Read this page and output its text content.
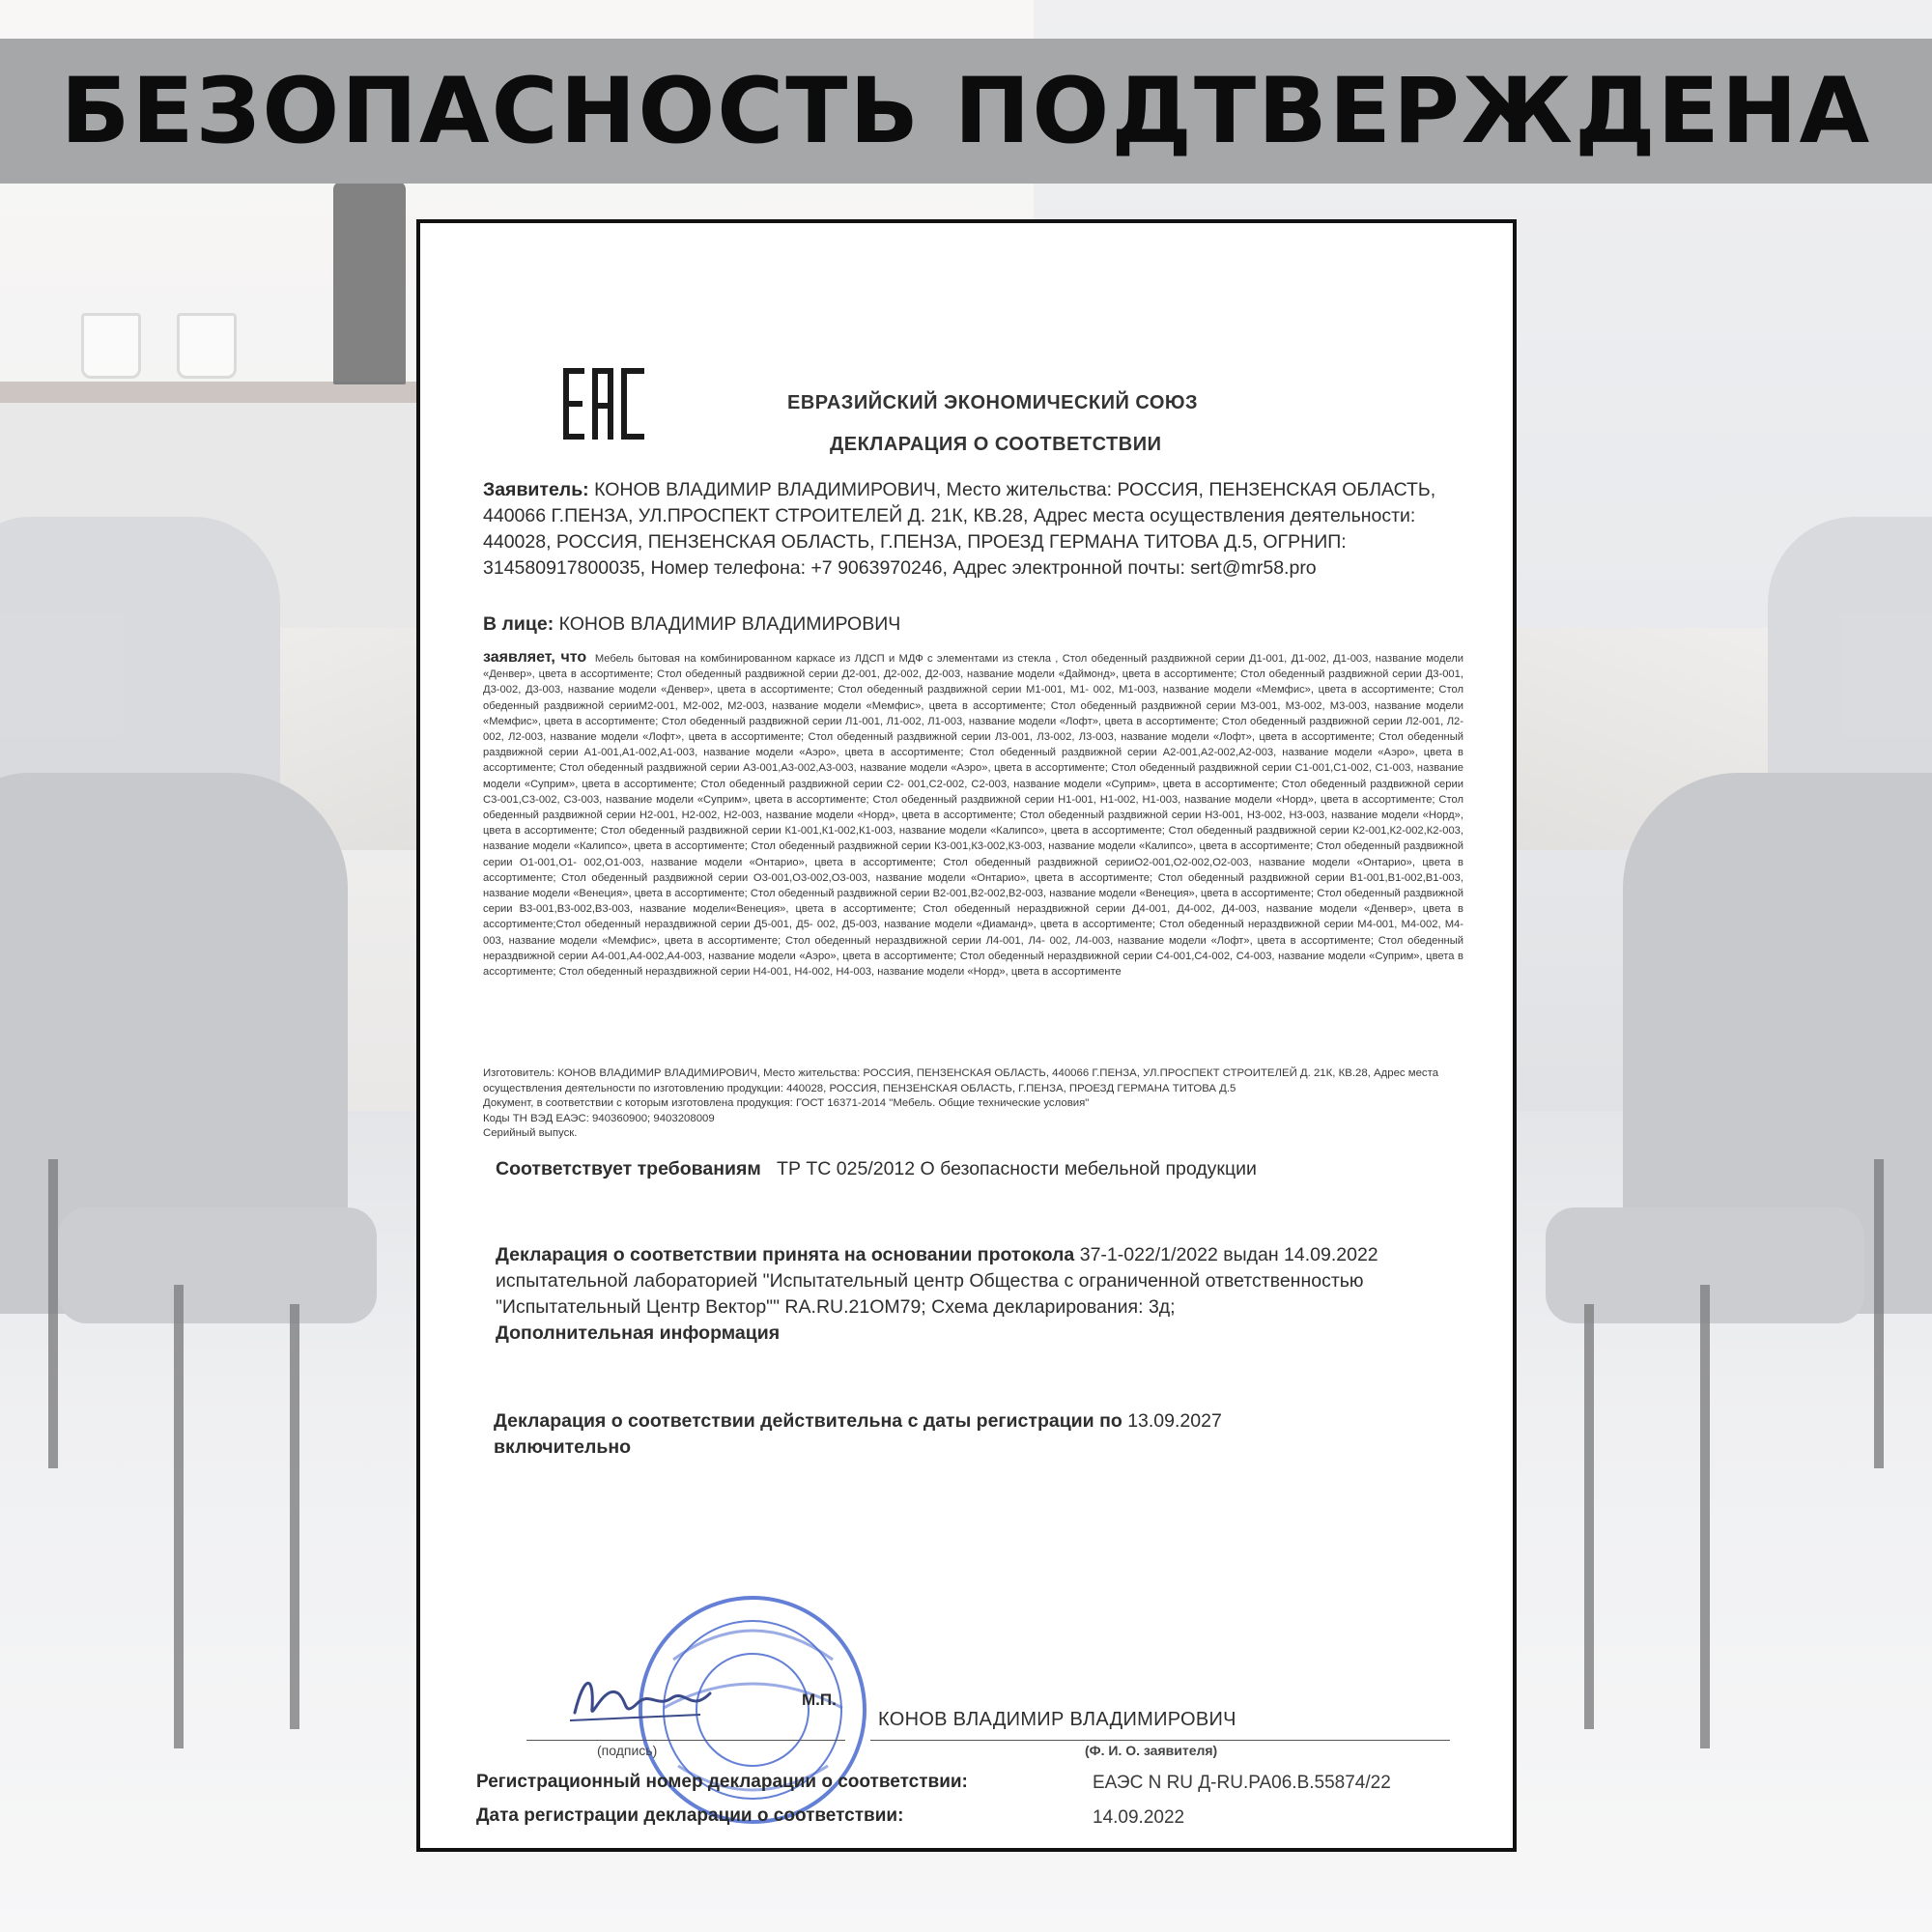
БЕЗОПАСНОСТЬ ПОДТВЕРЖДЕНА
ЕВРАЗИЙСКИЙ ЭКОНОМИЧЕСКИЙ СОЮЗ
ДЕКЛАРАЦИЯ О СООТВЕТСТВИИ
Заявитель: КОНОВ ВЛАДИМИР ВЛАДИМИРОВИЧ, Место жительства: РОССИЯ, ПЕНЗЕНСКАЯ ОБЛАСТЬ, 440066 Г.ПЕНЗА, УЛ.ПРОСПЕКТ СТРОИТЕЛЕЙ Д. 21К, КВ.28, Адрес места осуществления деятельности: 440028, РОССИЯ, ПЕНЗЕНСКАЯ ОБЛАСТЬ, Г.ПЕНЗА, ПРОЕЗД ГЕРМАНА ТИТОВА Д.5, ОГРНИП: 314580917800035, Номер телефона: +7 9063970246, Адрес электронной почты: sert@mr58.pro
В лице: КОНОВ ВЛАДИМИР ВЛАДИМИРОВИЧ
заявляет, что Мебель бытовая на комбинированном каркасе из ЛДСП и МДФ с элементами из стекла , Стол обеденный раздвижной серии Д1-001, Д1-002, Д1-003, название модели «Денвер», цвета в ассортименте; Стол обеденный раздвижной серии Д2-001, Д2-002, Д2-003, название модели «Даймонд», цвета в ассортименте; Стол обеденный раздвижной серии Д3-001, Д3-002, Д3-003, название модели «Денвер», цвета в ассортименте; Стол обеденный раздвижной серии М1-001, М1- 002, М1-003, название модели «Мемфис», цвета в ассортименте; Стол обеденный раздвижной серииМ2-001, М2-002, М2-003, название модели «Мемфис», цвета в ассортименте; Стол обеденный раздвижной серии М3-001, М3-002, М3-003, название модели «Мемфис», цвета в ассортименте; Стол обеденный раздвижной серии Л1-001, Л1-002, Л1-003, название модели «Лофт», цвета в ассортименте; Стол обеденный раздвижной серии Л2-001, Л2-002, Л2-003, название модели «Лофт», цвета в ассортименте; Стол обеденный раздвижной серии Л3-001, Л3-002, Л3-003, название модели «Лофт», цвета в ассортименте; Стол обеденный раздвижной серии А1-001,А1-002,А1-003, название модели «Аэро», цвета в ассортименте; Стол обеденный раздвижной серии А2-001,А2-002,А2-003, название модели «Аэро», цвета в ассортименте; Стол обеденный раздвижной серии А3-001,А3-002,А3-003, название модели «Аэро», цвета в ассортименте; Стол обеденный раздвижной серии С1-001,С1-002, С1-003, название модели «Суприм», цвета в ассортименте; Стол обеденный раздвижной серии С2- 001,С2-002, С2-003, название модели «Суприм», цвета в ассортименте; Стол обеденный раздвижной серии С3-001,С3-002, С3-003, название модели «Суприм», цвета в ассортименте; Стол обеденный раздвижной серии Н1-001, Н1-002, Н1-003, название модели «Норд», цвета в ассортименте; Стол обеденный раздвижной серии Н2-001, Н2-002, Н2-003, название модели «Норд», цвета в ассортименте; Стол обеденный раздвижной серии Н3-001, Н3-002, Н3-003, название модели «Норд», цвета в ассортименте; Стол обеденный раздвижной серии К1-001,К1-002,К1-003, название модели «Калипсо», цвета в ассортименте; Стол обеденный раздвижной серии К2-001,К2-002,К2-003, название модели «Калипсо», цвета в ассортименте; Стол обеденный раздвижной серии К3-001,К3-002,К3-003, название модели «Калипсо», цвета в ассортименте; Стол обеденный раздвижной серии О1-001,О1- 002,О1-003, название модели «Онтарио», цвета в ассортименте; Стол обеденный раздвижной серииО2-001,О2-002,О2-003, название модели «Онтарио», цвета в ассортименте; Стол обеденный раздвижной серии О3-001,О3-002,О3-003, название модели «Онтарио», цвета в ассортименте; Стол обеденный раздвижной серии В1-001,В1-002,В1-003, название модели «Венеция», цвета в ассортименте; Стол обеденный раздвижной серии В2-001,В2-002,В2-003, название модели «Венеция», цвета в ассортименте; Стол обеденный раздвижной серии В3-001,В3-002,В3-003, название модели«Венеция», цвета в ассортименте; Стол обеденный нераздвижной серии Д4-001, Д4-002, Д4-003, название модели «Денвер», цвета в ассортименте;Стол обеденный нераздвижной серии Д5-001, Д5- 002, Д5-003, название модели «Диаманд», цвета в ассортименте; Стол обеденный нераздвижной серии М4-001, М4-002, М4-003, название модели «Мемфис», цвета в ассортименте; Стол обеденный нераздвижной серии Л4-001, Л4- 002, Л4-003, название модели «Лофт», цвета в ассортименте; Стол обеденный нераздвижной серии А4-001,А4-002,А4-003, название модели «Аэро», цвета в ассортименте; Стол обеденный нераздвижной серии С4-001,С4-002, С4-003, название модели «Суприм», цвета в ассортименте; Стол обеденный нераздвижной серии Н4-001, Н4-002, Н4-003, название модели «Норд», цвета в ассортименте
Изготовитель: КОНОВ ВЛАДИМИР ВЛАДИМИРОВИЧ, Место жительства: РОССИЯ, ПЕНЗЕНСКАЯ ОБЛАСТЬ, 440066 Г.ПЕНЗА, УЛ.ПРОСПЕКТ СТРОИТЕЛЕЙ Д. 21К, КВ.28, Адрес места осуществления деятельности по изготовлению продукции: 440028, РОССИЯ, ПЕНЗЕНСКАЯ ОБЛАСТЬ, Г.ПЕНЗА, ПРОЕЗД ГЕРМАНА ТИТОВА Д.5
Документ, в соответствии с которым изготовлена продукция: ГОСТ 16371-2014 "Мебель. Общие технические условия"
Коды ТН ВЭД ЕАЭС: 940360900; 9403208009
Серийный выпуск.
Соответствует требованиям ТР ТС 025/2012 О безопасности мебельной продукции
Декларация о соответствии принята на основании протокола 37-1-022/1/2022 выдан 14.09.2022 испытательной лабораторией "Испытательный центр Общества с ограниченной ответственностью "Испытательный Центр Вектор"" RA.RU.21ОМ79; Схема декларирования: 3д;
Дополнительная информация
Декларация о соответствии действительна с даты регистрации по 13.09.2027
включительно
М.П.
(подпись)
КОНОВ ВЛАДИМИР ВЛАДИМИРОВИЧ
(Ф. И. О. заявителя)
Регистрационный номер декларации о соответствии:	ЕАЭС N RU Д-RU.PA06.B.55874/22
Дата регистрации декларации о соответствии:	14.09.2022
